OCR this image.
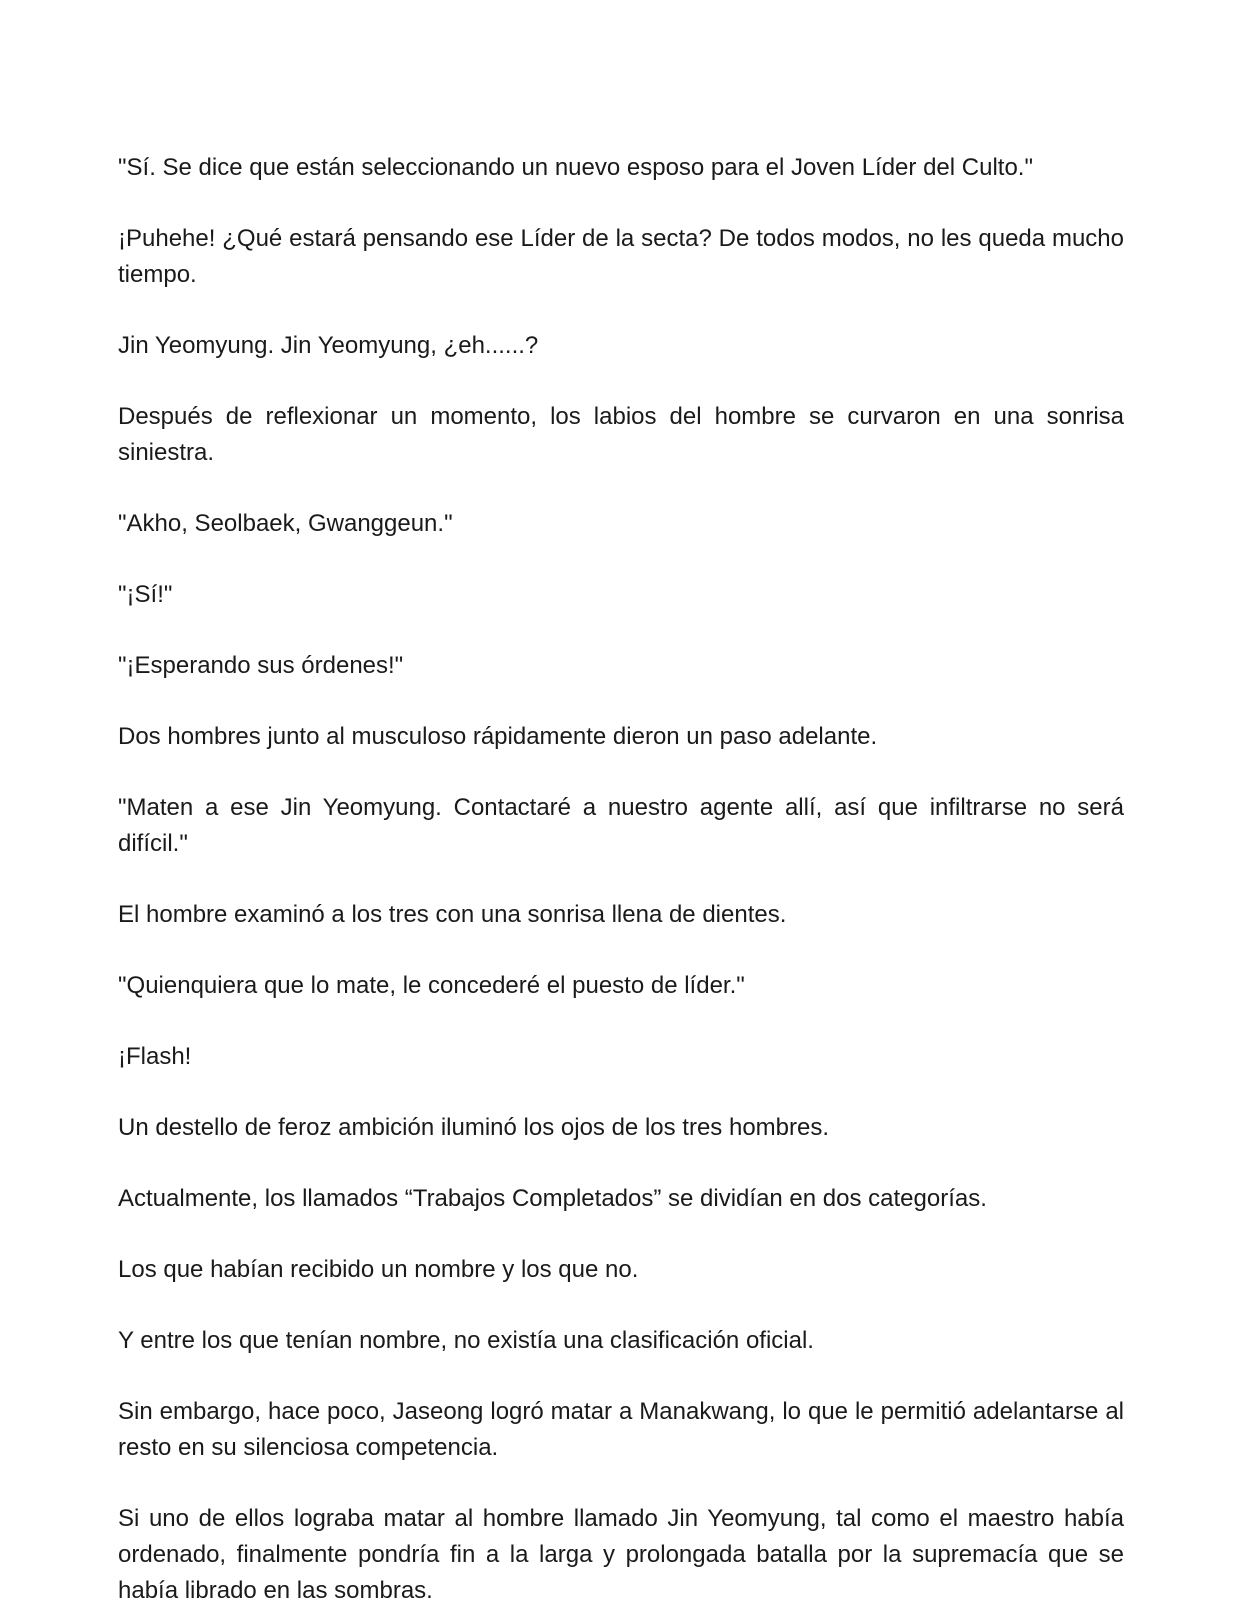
"Sí. Se dice que están seleccionando un nuevo esposo para el Joven Líder del Culto."

¡Puhehe! ¿Qué estará pensando ese Líder de la secta? De todos modos, no les queda mucho tiempo.

Jin Yeomyung. Jin Yeomyung, ¿eh......?

Después de reflexionar un momento, los labios del hombre se curvaron en una sonrisa siniestra.

"Akho, Seolbaek, Gwanggeun."

"¡Sí!"

"¡Esperando sus órdenes!"

Dos hombres junto al musculoso rápidamente dieron un paso adelante.

"Maten a ese Jin Yeomyung. Contactaré a nuestro agente allí, así que infiltrarse no será difícil."

El hombre examinó a los tres con una sonrisa llena de dientes.

"Quienquiera que lo mate, le concederé el puesto de líder."

¡Flash!

Un destello de feroz ambición iluminó los ojos de los tres hombres.

Actualmente, los llamados “Trabajos Completados” se dividían en dos categorías.

Los que habían recibido un nombre y los que no.

Y entre los que tenían nombre, no existía una clasificación oficial.

Sin embargo, hace poco, Jaseong logró matar a Manakwang, lo que le permitió adelantarse al resto en su silenciosa competencia.

Si uno de ellos lograba matar al hombre llamado Jin Yeomyung, tal como el maestro había ordenado, finalmente pondría fin a la larga y prolongada batalla por la supremacía que se había librado en las sombras.
